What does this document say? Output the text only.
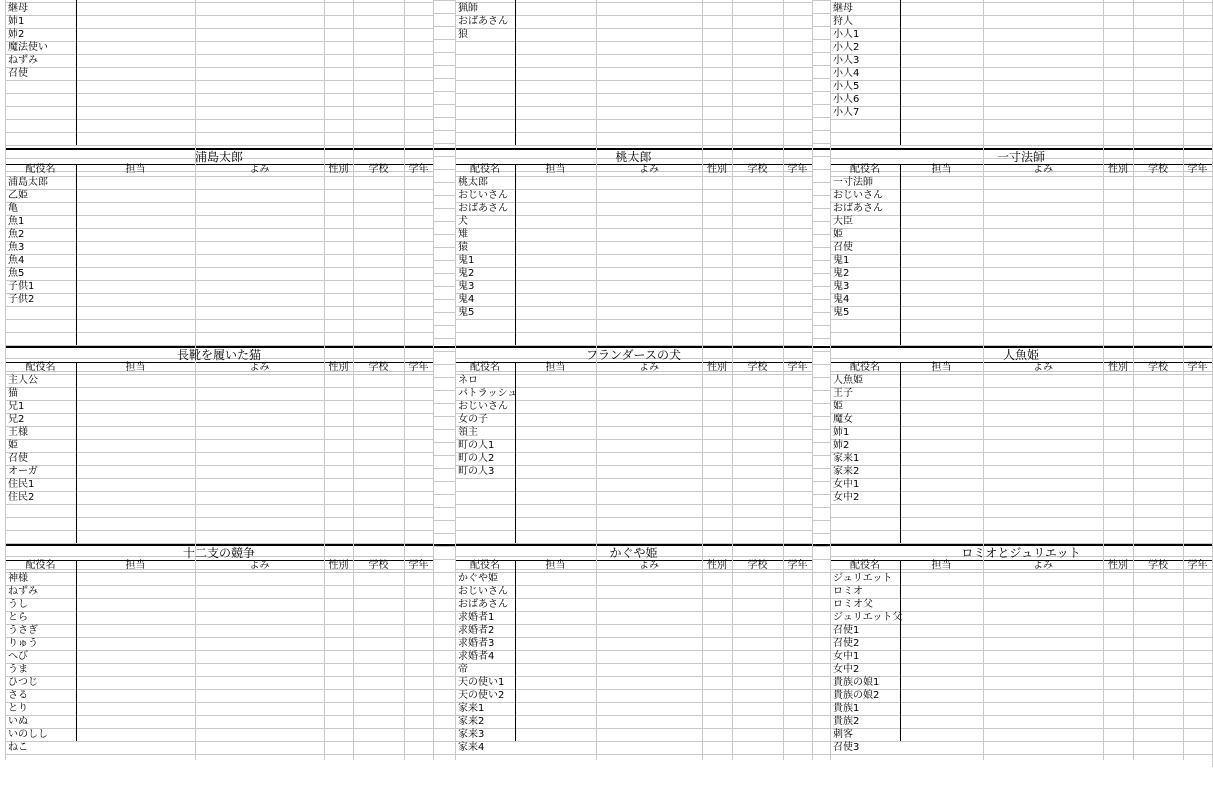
継母
姉1
姉2
魔法使い
ねずみ
召使
猟師
おばあさん
狼
継母
狩人
小人1
小人2
小人3
小人4
小人5
小人6
小人7
浦島太郎
配役名	担当	よみ	性別	学校	学年
浦島太郎
乙姫
亀
魚1
魚2
魚3
魚4
魚5
子供1
子供2
桃太郎
配役名	担当	よみ	性別	学校	学年
桃太郎
おじいさん
おばあさん
犬
雉
猿
鬼1
鬼2
鬼3
鬼4
鬼5
一寸法師
配役名	担当	よみ	性別	学校	学年
一寸法師
おじいさん
おばあさん
大臣
姫
召使
鬼1
鬼2
鬼3
鬼4
鬼5
長靴を履いた猫
配役名	担当	よみ	性別	学校	学年
主人公
猫
兄1
兄2
王様
姫
召使
オーガ
住民1
住民2
フランダースの犬
配役名	担当	よみ	性別	学校	学年
ネロ
パトラッシュ
おじいさん
女の子
領主
町の人1
町の人2
町の人3
人魚姫
配役名	担当	よみ	性別	学校	学年
人魚姫
王子
姫
魔女
姉1
姉2
家来1
家来2
女中1
女中2
十二支の競争
配役名	担当	よみ	性別	学校	学年
神様
ねずみ
うし
とら
うさぎ
りゅう
へび
うま
ひつじ
さる
とり
いぬ
いのしし
ねこ
かぐや姫
配役名	担当	よみ	性別	学校	学年
かぐや姫
おじいさん
おばあさん
求婚者1
求婚者2
求婚者3
求婚者4
帝
天の使い1
天の使い2
家来1
家来2
家来3
家来4
ロミオとジュリエット
配役名	担当	よみ	性別	学校	学年
ジュリエット
ロミオ
ロミオ父
ジュリエット父
召使1
召使2
女中1
女中2
貴族の娘1
貴族の娘2
貴族1
貴族2
刺客
召使3
